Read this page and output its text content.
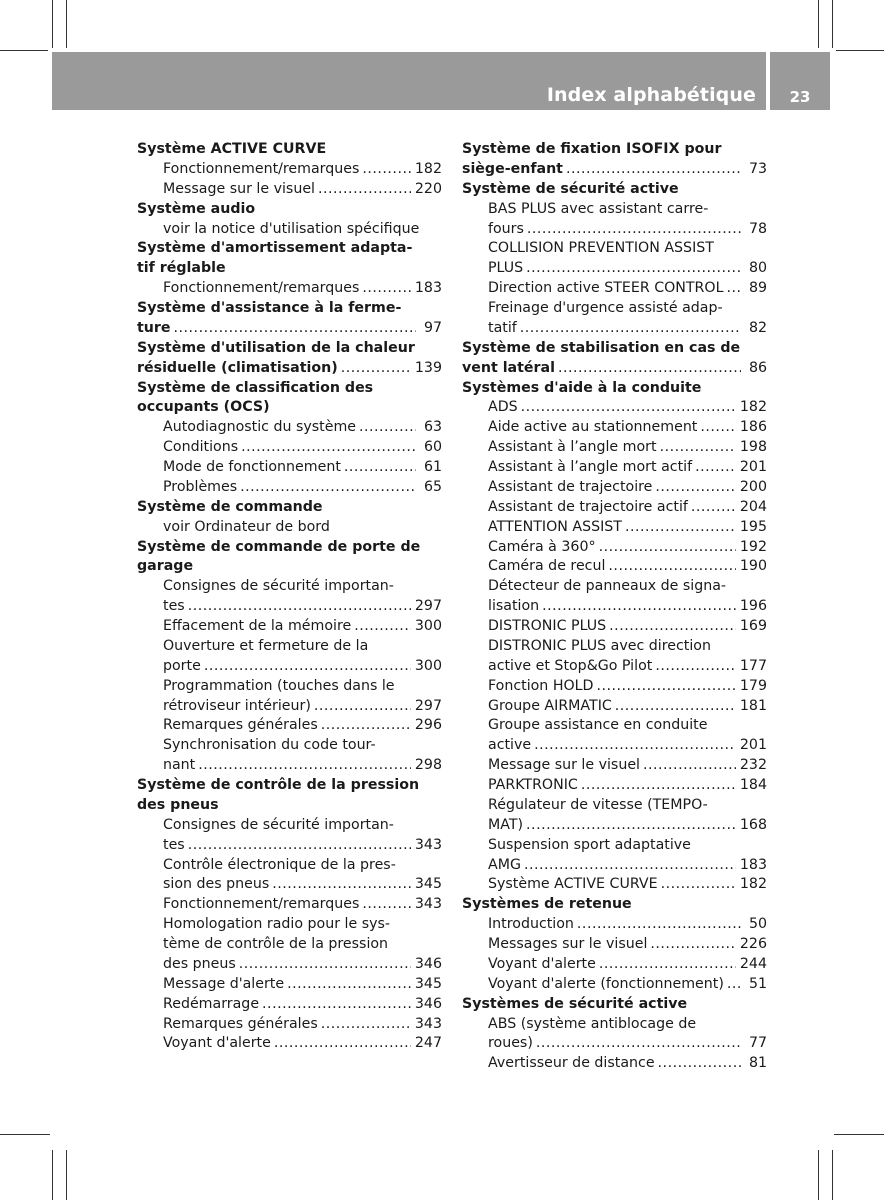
Index alphabétique	23
Système ACTIVE CURVE
Fonctionnement/remarques .....	182
Message sur le visuel .....	220
Système audio
voir la notice d'utilisation spécifique
Système d'amortissement adapta-
tif réglable
Fonctionnement/remarques .....	183
Système d'assistance à la ferme-
ture .....	97
Système d'utilisation de la chaleur
résiduelle (climatisation) .....	139
Système de classification des
occupants (OCS)
Autodiagnostic du système .....	63
Conditions .....	60
Mode de fonctionnement .....	61
Problèmes .....	65
Système de commande
voir Ordinateur de bord
Système de commande de porte de
garage
Consignes de sécurité importan-
tes .....	297
Effacement de la mémoire .....	300
Ouverture et fermeture de la
porte .....	300
Programmation (touches dans le
rétroviseur intérieur) .....	297
Remarques générales .....	296
Synchronisation du code tour-
nant .....	298
Système de contrôle de la pression
des pneus
Consignes de sécurité importan-
tes .....	343
Contrôle électronique de la pres-
sion des pneus .....	345
Fonctionnement/remarques .....	343
Homologation radio pour le sys-
tème de contrôle de la pression
des pneus .....	346
Message d'alerte .....	345
Redémarrage .....	346
Remarques générales .....	343
Voyant d'alerte .....	247
Système de fixation ISOFIX pour
siège-enfant .....	73
Système de sécurité active
BAS PLUS avec assistant carre-
fours .....	78
COLLISION PREVENTION ASSIST
PLUS .....	80
Direction active STEER CONTROL ..... 89
Freinage d'urgence assisté adap-
tatif .....	82
Système de stabilisation en cas de
vent latéral .....	86
Systèmes d'aide à la conduite
ADS .....	182
Aide active au stationnement .....	186
Assistant à l’angle mort .....	198
Assistant à l’angle mort actif .....	201
Assistant de trajectoire .....	200
Assistant de trajectoire actif .....	204
ATTENTION ASSIST .....	195
Caméra à 360° .....	192
Caméra de recul .....	190
Détecteur de panneaux de signa-
lisation .....	196
DISTRONIC PLUS .....	169
DISTRONIC PLUS avec direction
active et Stop&Go Pilot .....	177
Fonction HOLD .....	179
Groupe AIRMATIC .....	181
Groupe assistance en conduite
active .....	201
Message sur le visuel .....	232
PARKTRONIC .....	184
Régulateur de vitesse (TEMPO-
MAT) .....	168
Suspension sport adaptative
AMG .....	183
Système ACTIVE CURVE .....	182
Systèmes de retenue
Introduction .....	50
Messages sur le visuel .....	226
Voyant d'alerte .....	244
Voyant d'alerte (fonctionnement) ..... 51
Systèmes de sécurité active
ABS (système antiblocage de
roues) .....	77
Avertisseur de distance .....	81
